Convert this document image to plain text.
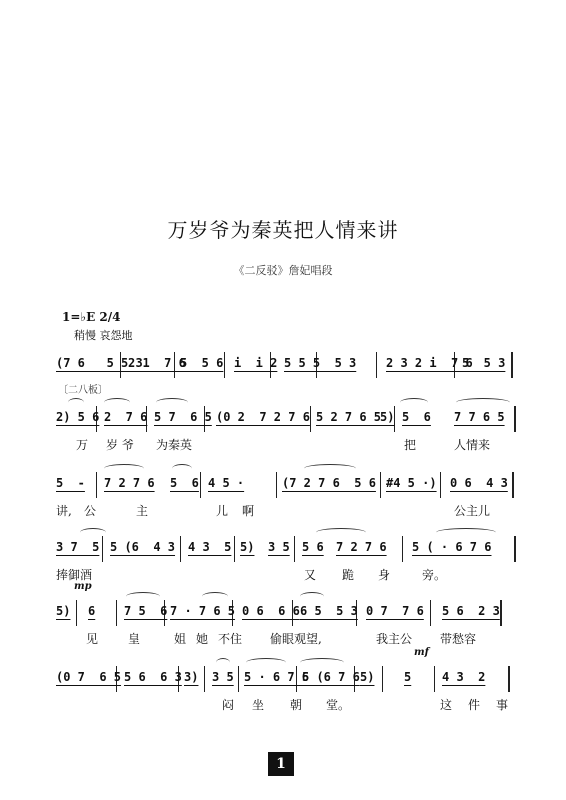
万岁爷为秦英把人情来讲
《二反驳》詹妃唱段
1=♭E 2/4
稍慢 哀怨地
(7 6   5 5 3
2 1  7 6
5  5 6 i  i 2 5 5 5  5 3 2 3 2 i  7 6
5  5 3
〔二八板〕
2) 5 6 2  7 6 5 7  6 5 (0 2  7 2 7 6 5 2 7 6 5
5) 5  6 7 7 6 5
万 岁 爷 为秦英	把	人情来
5  - 7 2 7 6 5  6 4 5 ·	(7 2 7 6  5 6 #4 5 ·) 0 6  4 3
讲, 公	主	儿 啊	公主儿
3 7  5 5 (6  4 3 4 3  5 5) 3 5 5 6 7 2 7 6 5 ( · 6 7 6
捧御酒	又 跪 身	旁。
mp
5) 6 7 5  6 7 · 7 6 5 0 6  6 6 6 5  5 3 0 7  7 6 5 6  2 3
见 皇	姐 她 不住 偷眼观望,	我主公 带愁容
mf
(0 7  6 5 5 6  6 3 3) 3 5 5 · 6 7 6
5 (6 7 6 5) 5	4 3  2
闷 坐 朝 堂。	这 件 事
1
